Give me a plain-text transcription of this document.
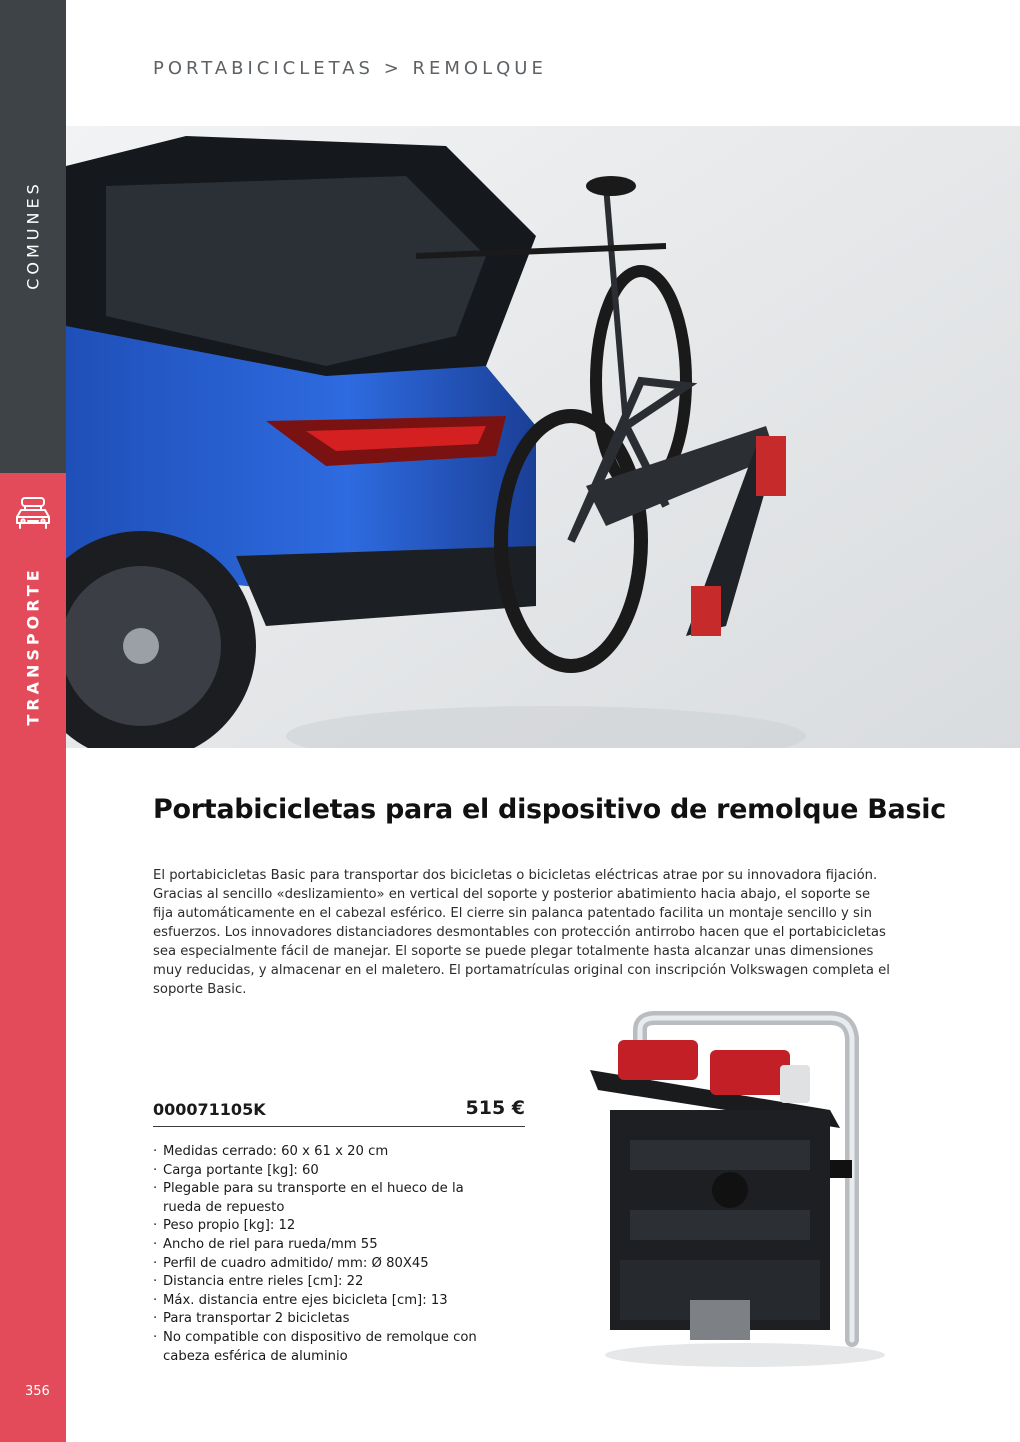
COMUNES
TRANSPORTE
356
PORTABICICLETAS > REMOLQUE
Portabicicletas para el dispositivo de remolque Basic

El portabicicletas Basic para transportar dos bicicletas o bicicletas eléctricas atrae por su innovadora fijación. Gracias al sencillo «deslizamiento» en vertical del soporte y posterior abatimiento hacia abajo, el soporte se fija automáticamente en el cabezal esférico. El cierre sin palanca patentado facilita un montaje sencillo y sin esfuerzos. Los innovadores distanciadores desmontables con protección antirrobo hacen que el portabicicletas sea especialmente fácil de manejar. El soporte se puede plegar totalmente hasta alcanzar unas dimensiones muy reducidas, y almacenar en el maletero. El portamatrículas original con inscripción Volkswagen completa el soporte Basic.

000071105K	515 €
· Medidas cerrado: 60 x 61 x 20 cm
· Carga portante [kg]: 60
· Plegable para su transporte en el hueco de la rueda de repuesto
· Peso propio [kg]: 12
· Ancho de riel para rueda/mm 55
· Perfil de cuadro admitido/ mm: Ø 80X45
· Distancia entre rieles [cm]: 22
· Máx. distancia entre ejes bicicleta [cm]: 13
· Para transportar 2 bicicletas
· No compatible con dispositivo de remolque con cabeza esférica de aluminio
